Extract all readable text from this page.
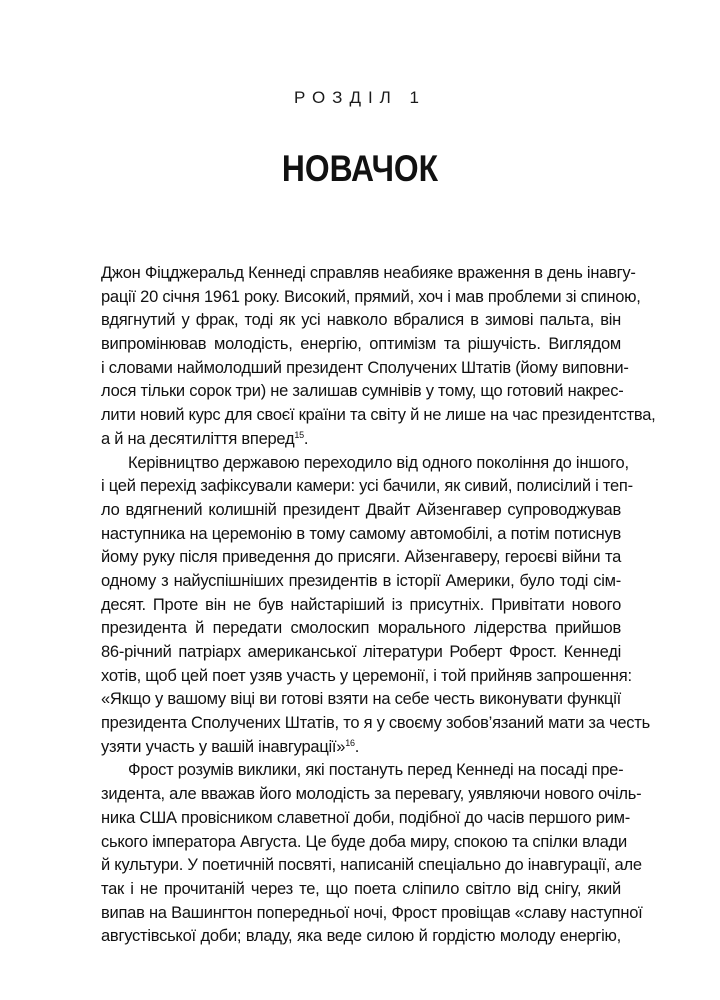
РОЗДІЛ 1
НОВАЧОК
Джон Фіцджеральд Кеннеді справляв неабияке враження в день інавгу-
рації 20 січня 1961 року. Високий, прямий, хоч і мав проблеми зі спиною,
вдягнутий у фрак, тоді як усі навколо вбралися в зимові пальта, він
випромінював молодість, енергію, оптимізм та рішучість. Виглядом
і словами наймолодший президент Сполучених Штатів (йому виповни-
лося тільки сорок три) не залишав сумнівів у тому, що готовий накрес-
лити новий курс для своєї країни та світу й не лише на час президентства,
а й на десятиліття вперед$^{15}$.
Керівництво державою переходило від одного покоління до іншого,
і цей перехід зафіксували камери: усі бачили, як сивий, полисілий і теп-
ло вдягнений колишній президент Двайт Айзенгавер супроводжував
наступника на церемонію в тому самому автомобілі, а потім потиснув
йому руку після приведення до присяги. Айзенгаверу, героєві війни та
одному з найуспішніших президентів в історії Америки, було тоді сім-
десят. Проте він не був найстаріший із присутніх. Привітати нового
президента й передати смолоскип морального лідерства прийшов
86-річний патріарх американської літератури Роберт Фрост. Кеннеді
хотів, щоб цей поет узяв участь у церемонії, і той прийняв запрошення:
«Якщо у вашому віці ви готові взяти на себе честь виконувати функції
президента Сполучених Штатів, то я у своєму зобов’язаний мати за честь
узяти участь у вашій інавгурації»$^{16}$.
Фрост розумів виклики, які постануть перед Кеннеді на посаді пре-
зидента, але вважав його молодість за перевагу, уявляючи нового очіль-
ника США провісником славетної доби, подібної до часів першого рим-
ського імператора Августа. Це буде доба миру, спокою та спілки влади
й культури. У поетичній посвяті, написаній спеціально до інавгурації, але
так і не прочитаній через те, що поета сліпило світло від снігу, який
випав на Вашингтон попередньої ночі, Фрост провіщав «славу наступної
августівської доби; владу, яка веде силою й гордістю молоду енергію,
